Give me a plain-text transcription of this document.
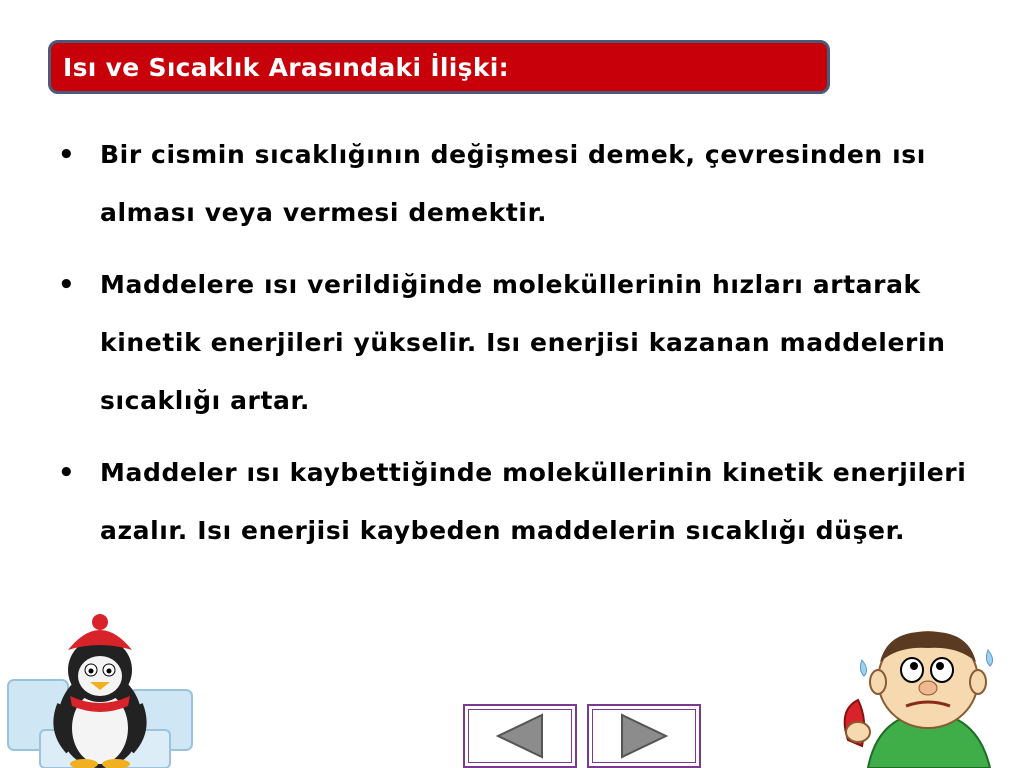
Isı ve Sıcaklık Arasındaki İlişki:
•	Bir cismin sıcaklığının değişmesi demek, çevresinden ısı alması veya vermesi demektir.
•	Maddelere ısı verildiğinde moleküllerinin hızları artarak kinetik enerjileri yükselir. Isı enerjisi kazanan maddelerin sıcaklığı artar.
•	Maddeler ısı kaybettiğinde moleküllerinin kinetik enerjileri azalır. Isı enerjisi kaybeden maddelerin sıcaklığı düşer.
